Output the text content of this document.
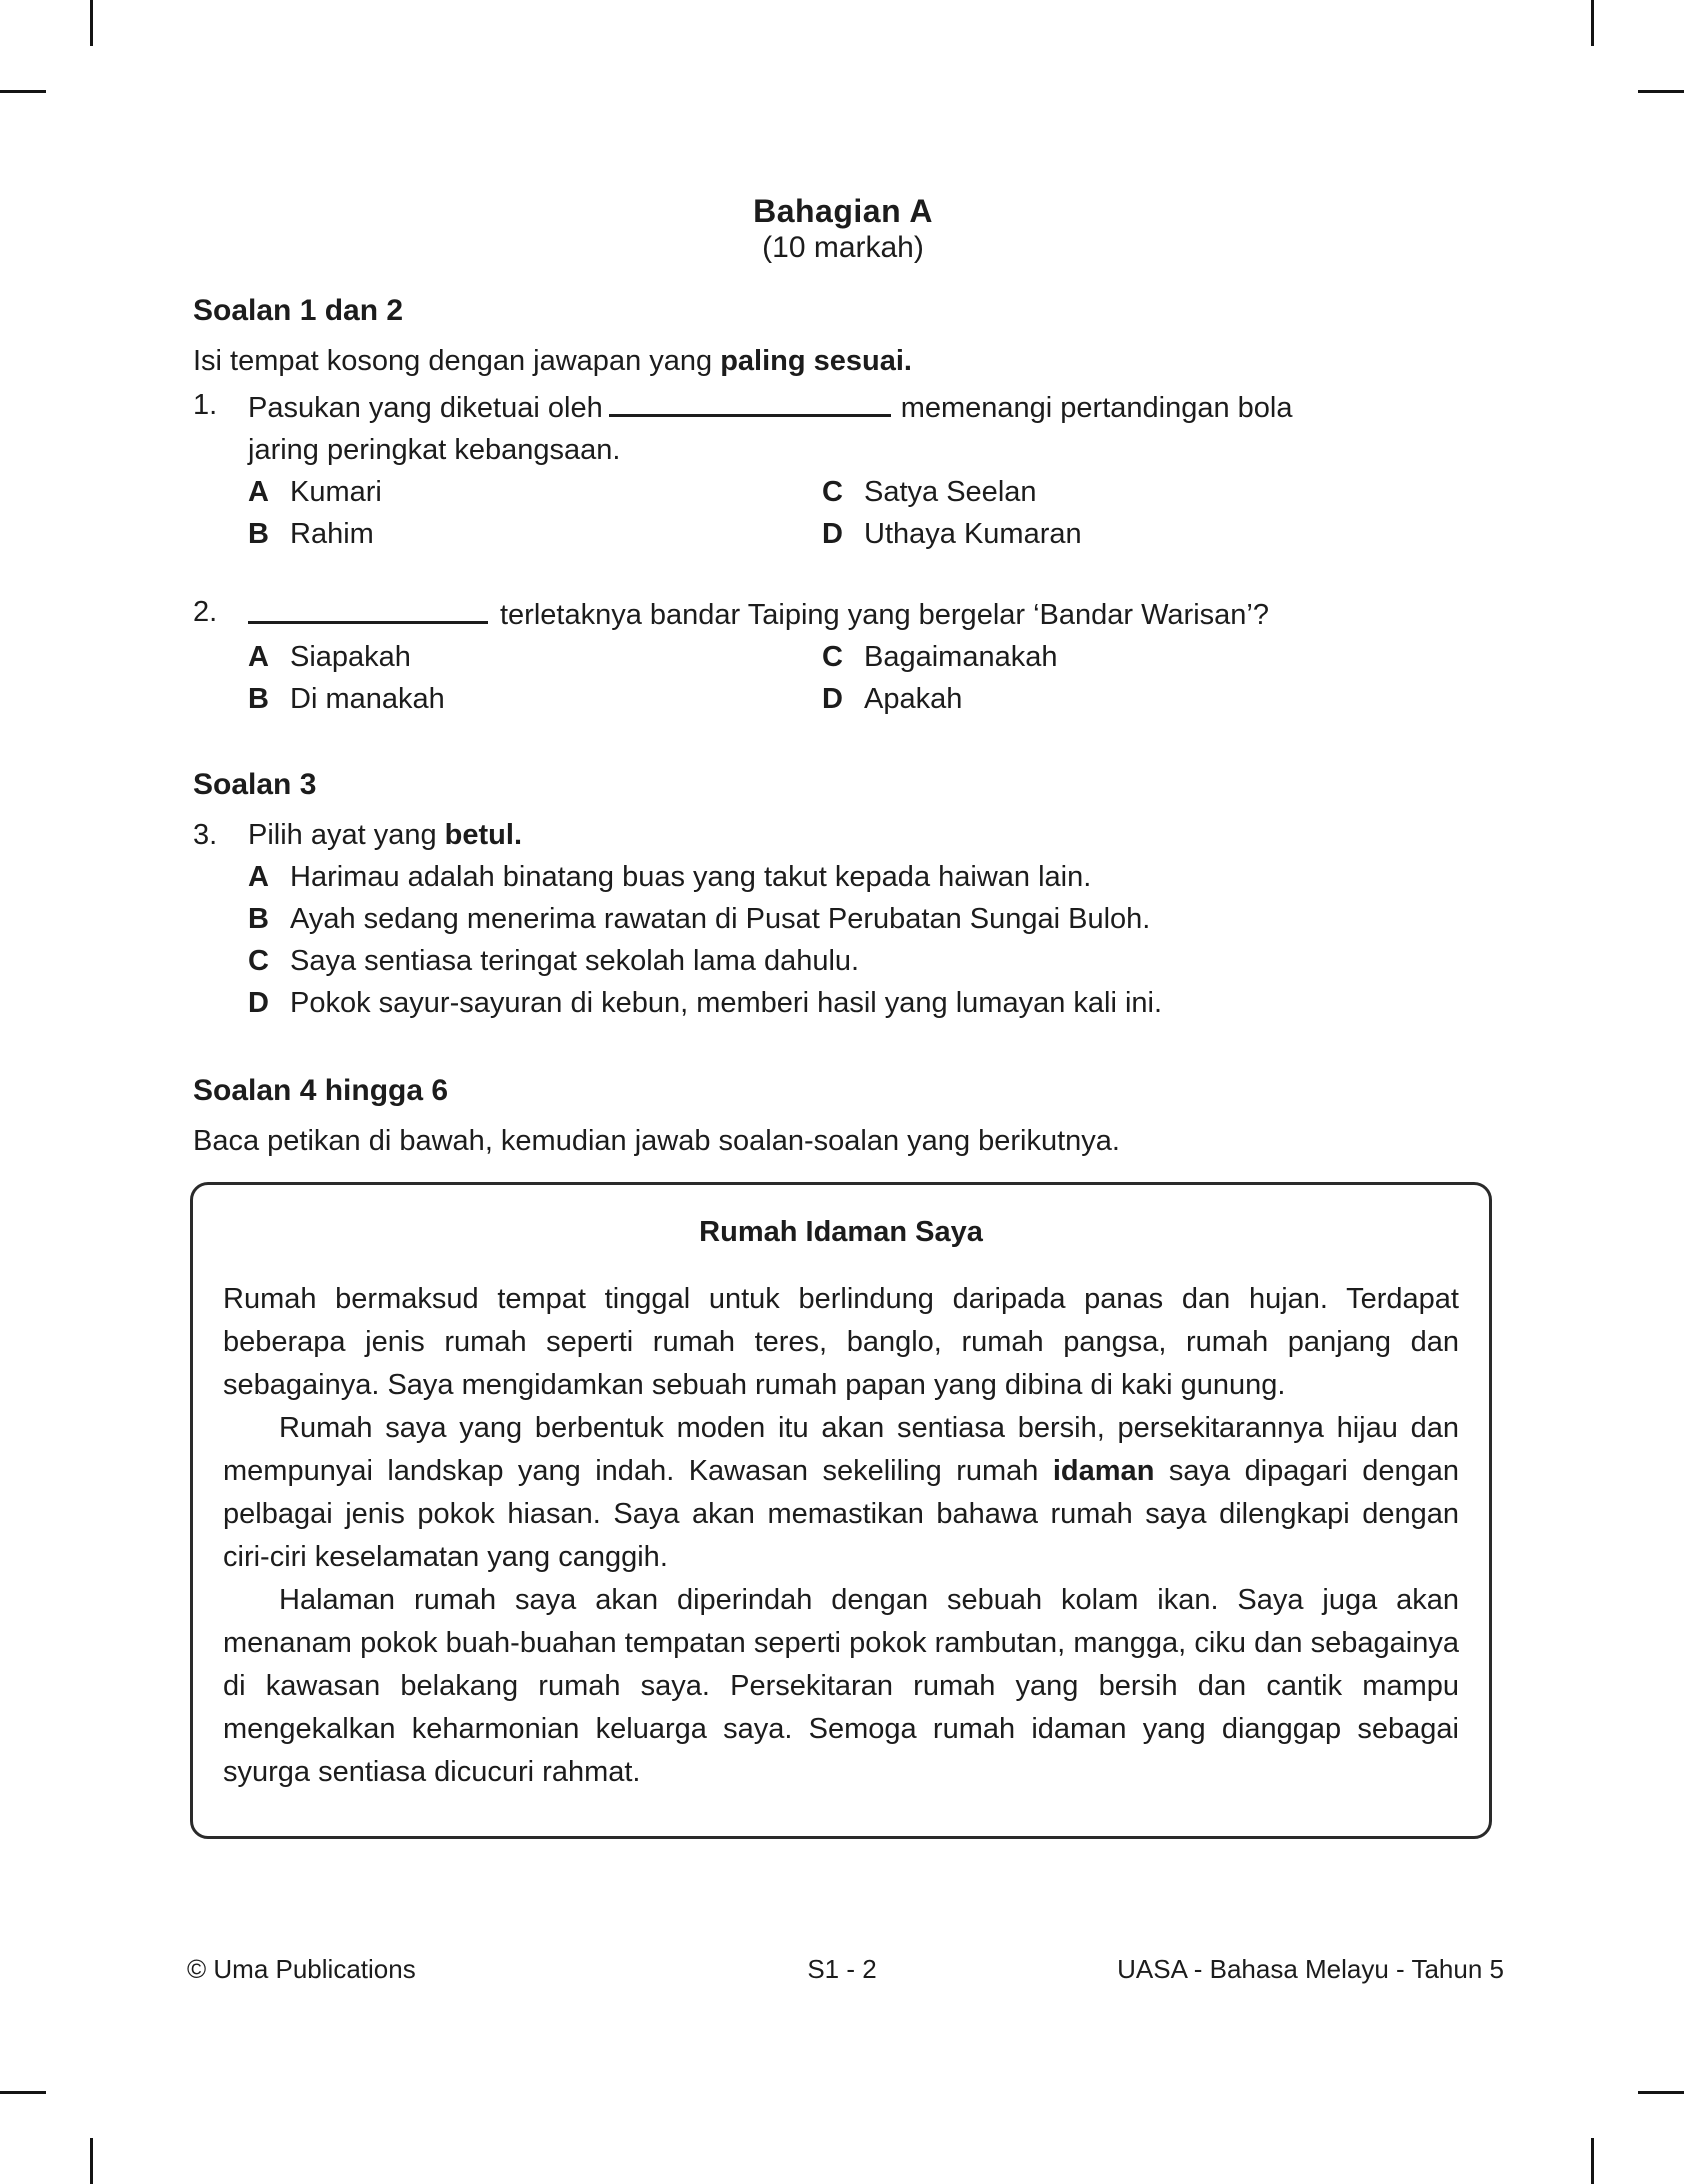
Bahagian A
(10 markah)
Soalan 1 dan 2
Isi tempat kosong dengan jawapan yang paling sesuai.
1.	Pasukan yang diketuai oleh	memenangi pertandingan bola
jaring peringkat kebangsaan.
A Kumari	C Satya Seelan
B Rahim	D Uthaya Kumaran
2.	terletaknya bandar Taiping yang bergelar ‘Bandar Warisan’?
A Siapakah	C Bagaimanakah
B Di manakah	D Apakah
Soalan 3
3.	Pilih ayat yang betul.
A Harimau adalah binatang buas yang takut kepada haiwan lain.
B Ayah sedang menerima rawatan di Pusat Perubatan Sungai Buloh.
C Saya sentiasa teringat sekolah lama dahulu.
D Pokok sayur-sayuran di kebun, memberi hasil yang lumayan kali ini.
Soalan 4 hingga 6
Baca petikan di bawah, kemudian jawab soalan-soalan yang berikutnya.
Rumah Idaman Saya

Rumah bermaksud tempat tinggal untuk berlindung daripada panas dan hujan. Terdapat beberapa jenis rumah seperti rumah teres, banglo, rumah pangsa, rumah panjang dan sebagainya. Saya mengidamkan sebuah rumah papan yang dibina di kaki gunung.

Rumah saya yang berbentuk moden itu akan sentiasa bersih, persekitarannya hijau dan mempunyai landskap yang indah. Kawasan sekeliling rumah idaman saya dipagari dengan pelbagai jenis pokok hiasan. Saya akan memastikan bahawa rumah saya dilengkapi dengan ciri-ciri keselamatan yang canggih.

Halaman rumah saya akan diperindah dengan sebuah kolam ikan. Saya juga akan menanam pokok buah-buahan tempatan seperti pokok rambutan, mangga, ciku dan sebagainya di kawasan belakang rumah saya. Persekitaran rumah yang bersih dan cantik mampu mengekalkan keharmonian keluarga saya. Semoga rumah idaman yang dianggap sebagai syurga sentiasa dicucuri rahmat.

© Uma Publications	S1 - 2	UASA - Bahasa Melayu - Tahun 5
